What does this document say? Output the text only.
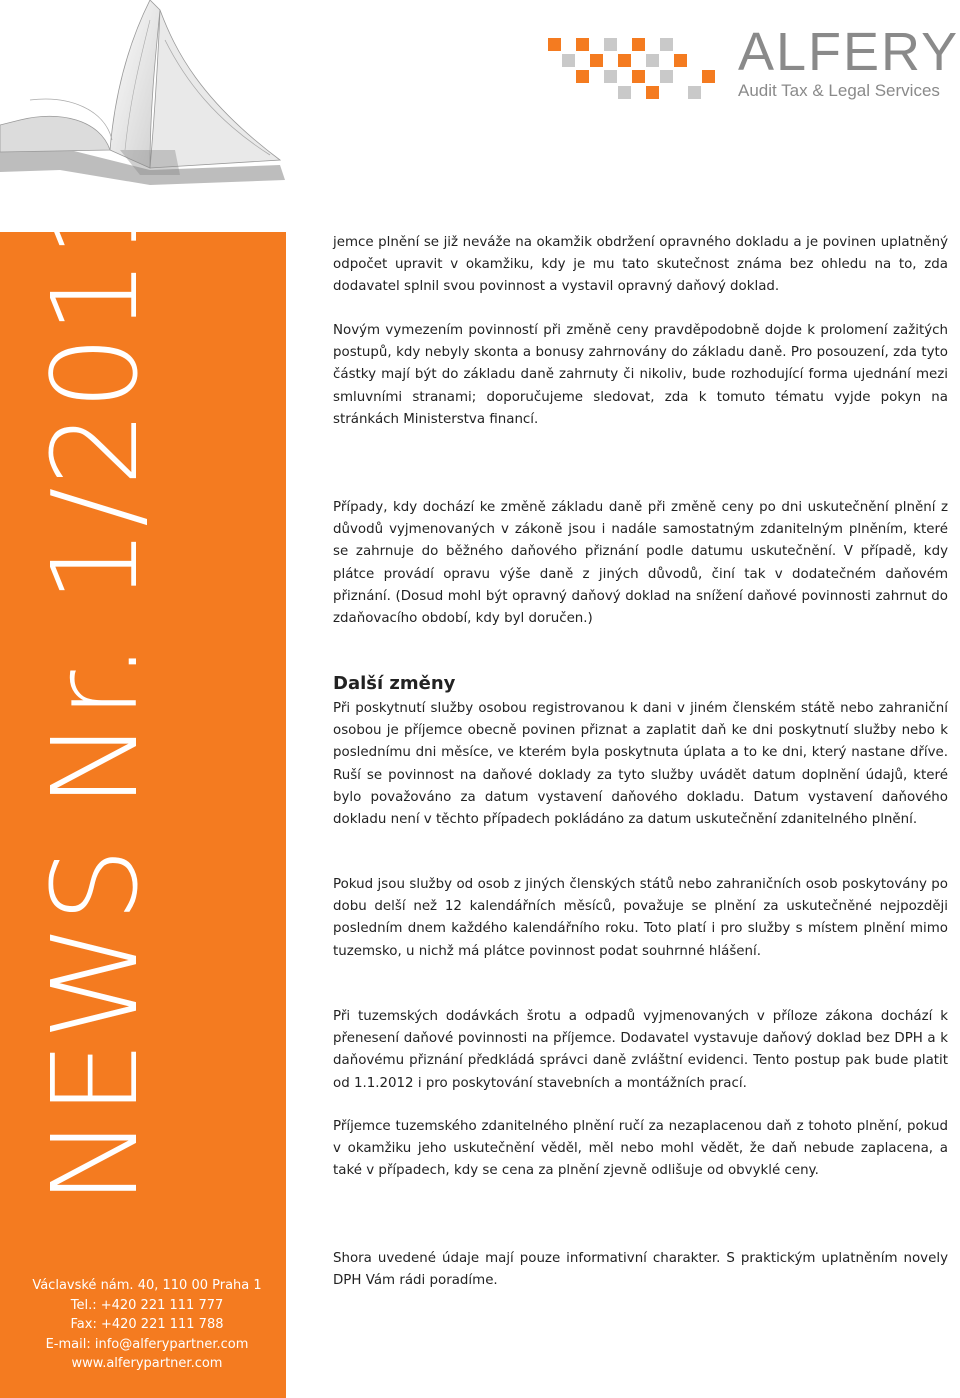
ALFERY
Audit Tax & Legal Services
NEWS Nr. 1/2011
Václavské nám. 40, 110 00 Praha 1
Tel.: +420 221 111 777
Fax: +420 221 111 788
E-mail: info@alferypartner.com
www.alferypartner.com

jemce plnění se již neváže na okamžik obdržení opravného dokladu a je povinen uplatněný odpočet upravit v okamžiku, kdy je mu tato skutečnost známa bez ohledu na to, zda dodavatel splnil svou povinnost a vystavil opravný daňový doklad.

Novým vymezením povinností při změně ceny pravděpodobně dojde k prolomení zažitých postupů, kdy nebyly skonta a bonusy zahrnovány do základu daně. Pro posouzení, zda tyto částky mají být do základu daně zahrnuty či nikoliv, bude rozhodující forma ujednání mezi smluvními stranami; doporučujeme sledovat, zda k tomuto tématu vyjde pokyn na stránkách Ministerstva financí.

Případy, kdy dochází ke změně základu daně při změně ceny po dni uskutečnění plnění z důvodů vyjmenovaných v zákoně jsou i nadále samostatným zdanitelným plněním, které se zahrnuje do běžného daňového přiznání podle datumu uskutečnění. V případě, kdy plátce provádí opravu výše daně z jiných důvodů, činí tak v dodatečném daňovém přiznání. (Dosud mohl být opravný daňový doklad na snížení daňové povinnosti zahrnut do zdaňovacího období, kdy byl doručen.)

Další změny

Při poskytnutí služby osobou registrovanou k dani v jiném členském státě nebo zahraniční osobou je příjemce obecně povinen přiznat a zaplatit daň ke dni poskytnutí služby nebo k poslednímu dni měsíce, ve kterém byla poskytnuta úplata a to ke dni, který nastane dříve. Ruší se povinnost na daňové doklady za tyto služby uvádět datum doplnění údajů, které bylo považováno za datum vystavení daňového dokladu. Datum vystavení daňového dokladu není v těchto případech pokládáno za datum uskutečnění zdanitelného plnění.

Pokud jsou služby od osob z jiných členských států nebo zahraničních osob poskytovány po dobu delší než 12 kalendářních měsíců, považuje se plnění za uskutečněné nejpozději posledním dnem každého kalendářního roku. Toto platí i pro služby s místem plnění mimo tuzemsko, u nichž má plátce povinnost podat souhrnné hlášení.

Při tuzemských dodávkách šrotu a odpadů vyjmenovaných v příloze zákona dochází k přenesení daňové povinnosti na příjemce. Dodavatel vystavuje daňový doklad bez DPH a k daňovému přiznání předkládá správci daně zvláštní evidenci. Tento postup pak bude platit od 1.1.2012 i pro poskytování stavebních a montážních prací.

Příjemce tuzemského zdanitelného plnění ručí za nezaplacenou daň z tohoto plnění, pokud v okamžiku jeho uskutečnění věděl, měl nebo mohl vědět, že daň nebude zaplacena, a také v případech, kdy se cena za plnění zjevně odlišuje od obvyklé ceny.

Shora uvedené údaje mají pouze informativní charakter. S praktickým uplatněním novely DPH Vám rádi poradíme.
